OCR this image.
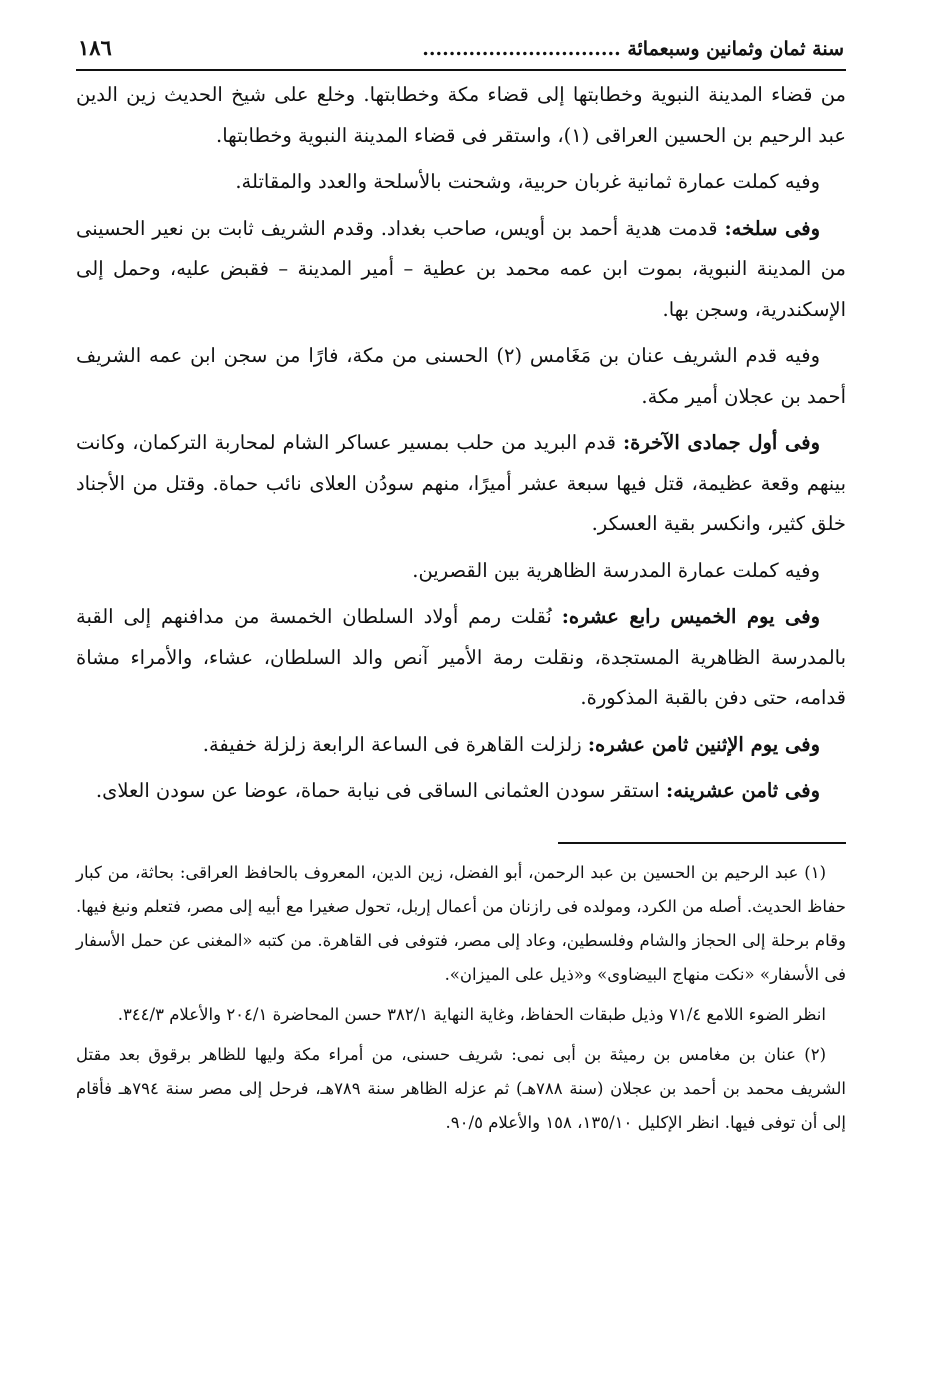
سنة ثمان وثمانين وسبعمائة ..............................
١٨٦

من قضاء المدينة النبوية وخطابتها إلى قضاء مكة وخطابتها. وخلع على شيخ الحديث زين الدين عبد الرحيم بن الحسين العراقى (١)، واستقر فى قضاء المدينة النبوية وخطابتها.

وفيه كملت عمارة ثمانية غربان حربية، وشحنت بالأسلحة والعدد والمقاتلة.

وفى سلخه: قدمت هدية أحمد بن أويس، صاحب بغداد. وقدم الشريف ثابت بن نعير الحسينى من المدينة النبوية، بموت ابن عمه محمد بن عطية – أمير المدينة – فقبض عليه، وحمل إلى الإسكندرية، وسجن بها.

وفيه قدم الشريف عنان بن مَغَامس (٢) الحسنى من مكة، فارًا من سجن ابن عمه الشريف أحمد بن عجلان أمير مكة.

وفى أول جمادى الآخرة: قدم البريد من حلب بمسير عساكر الشام لمحاربة التركمان، وكانت بينهم وقعة عظيمة، قتل فيها سبعة عشر أميرًا، منهم سودُن العلاى نائب حماة. وقتل من الأجناد خلق كثير، وانكسر بقية العسكر.

وفيه كملت عمارة المدرسة الظاهرية بين القصرين.

وفى يوم الخميس رابع عشره: نُقلت رمم أولاد السلطان الخمسة من مدافنهم إلى القبة بالمدرسة الظاهرية المستجدة، ونقلت رمة الأمير آنص والد السلطان، عشاء، والأمراء مشاة قدامه، حتى دفن بالقبة المذكورة.

وفى يوم الإثنين ثامن عشره: زلزلت القاهرة فى الساعة الرابعة زلزلة خفيفة.

وفى ثامن عشرينه: استقر سودن العثمانى الساقى فى نيابة حماة، عوضا عن سودن العلاى.

(١) عبد الرحيم بن الحسين بن عبد الرحمن، أبو الفضل، زين الدين، المعروف بالحافظ العراقى: بحاثة، من كبار حفاظ الحديث. أصله من الكرد، ومولده فى رازنان من أعمال إربل، تحول صغيرا مع أبيه إلى مصر، فتعلم ونبغ فيها. وقام برحلة إلى الحجاز والشام وفلسطين، وعاد إلى مصر، فتوفى فى القاهرة. من كتبه «المغنى عن حمل الأسفار فى الأسفار» «نكت منهاج البيضاوى» و«ذيل على الميزان».

انظر الضوء اللامع ٧١/٤ وذيل طبقات الحفاظ، وغاية النهاية ٣٨٢/١ حسن المحاضرة ٢٠٤/١ والأعلام ٣٤٤/٣.

(٢) عنان بن مغامس بن رميثة بن أبى نمى: شريف حسنى، من أمراء مكة وليها للظاهر برقوق بعد مقتل الشريف محمد بن أحمد بن عجلان (سنة ٧٨٨هـ) ثم عزله الظاهر سنة ٧٨٩هـ، فرحل إلى مصر سنة ٧٩٤هـ فأقام إلى أن توفى فيها. انظر الإكليل ١٣٥/١٠، ١٥٨ والأعلام ٩٠/٥.
